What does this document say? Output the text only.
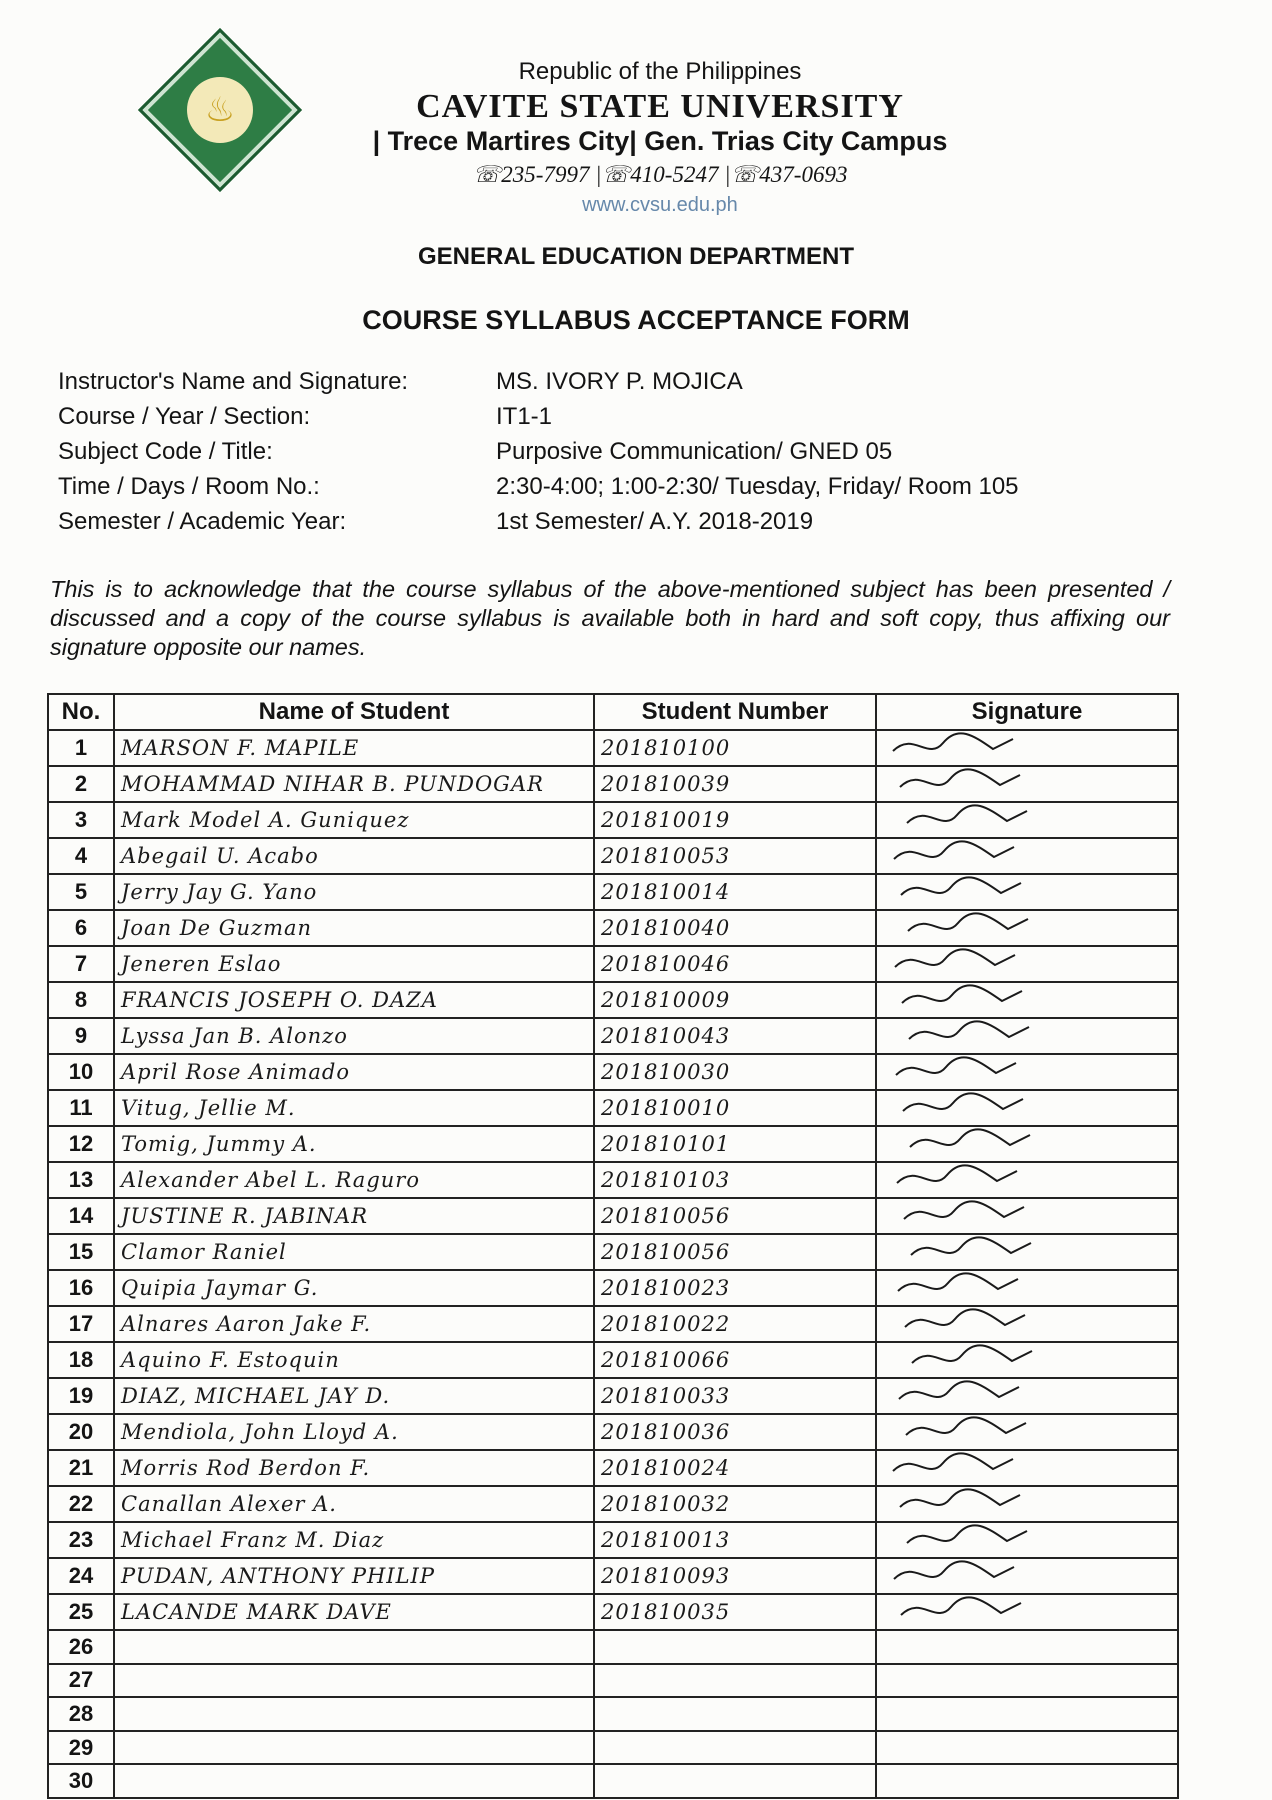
♨
Republic of the Philippines
CAVITE STATE UNIVERSITY
| Trece Martires City| Gen. Trias City Campus
☏235-7997 |☏410-5247 |☏437-0693
www.cvsu.edu.ph
GENERAL EDUCATION DEPARTMENT
COURSE SYLLABUS ACCEPTANCE FORM
Instructor's Name and Signature:	MS. IVORY P. MOJICA
Course / Year / Section:	IT1-1
Subject Code / Title:	Purposive Communication/ GNED 05
Time / Days / Room No.:	2:30-4:00; 1:00-2:30/ Tuesday, Friday/ Room 105
Semester / Academic Year:	1st Semester/ A.Y. 2018-2019
This is to acknowledge that the course syllabus of the above-mentioned subject has been presented / discussed and a copy of the course syllabus is available both in hard and soft copy, thus affixing our signature opposite our names.
No.	Name of Student	Student Number	Signature
1	MARSON F. MAPILE	201810100	
2	MOHAMMAD NIHAR B. PUNDOGAR	201810039	
3	Mark Model A. Guniquez	201810019	
4	Abegail U. Acabo	201810053	
5	Jerry Jay G. Yano	201810014	
6	Joan De Guzman	201810040	
7	Jeneren Eslao	201810046	
8	FRANCIS JOSEPH O. DAZA	201810009	
9	Lyssa Jan B. Alonzo	201810043	
10	April Rose Animado	201810030	
11	Vitug, Jellie M.	201810010	
12	Tomig, Jummy A.	201810101	
13	Alexander Abel L. Raguro	201810103	
14	JUSTINE R. JABINAR	201810056	
15	Clamor Raniel	201810056	
16	Quipia Jaymar G.	201810023	
17	Alnares Aaron Jake F.	201810022	
18	Aquino F. Estoquin	201810066	
19	DIAZ, MICHAEL JAY D.	201810033	
20	Mendiola, John Lloyd A.	201810036	
21	Morris Rod Berdon F.	201810024	
22	Canallan Alexer A.	201810032	
23	Michael Franz M. Diaz	201810013	
24	PUDAN, ANTHONY PHILIP	201810093	
25	LACANDE MARK DAVE	201810035	
26			
27			
28			
29			
30			
